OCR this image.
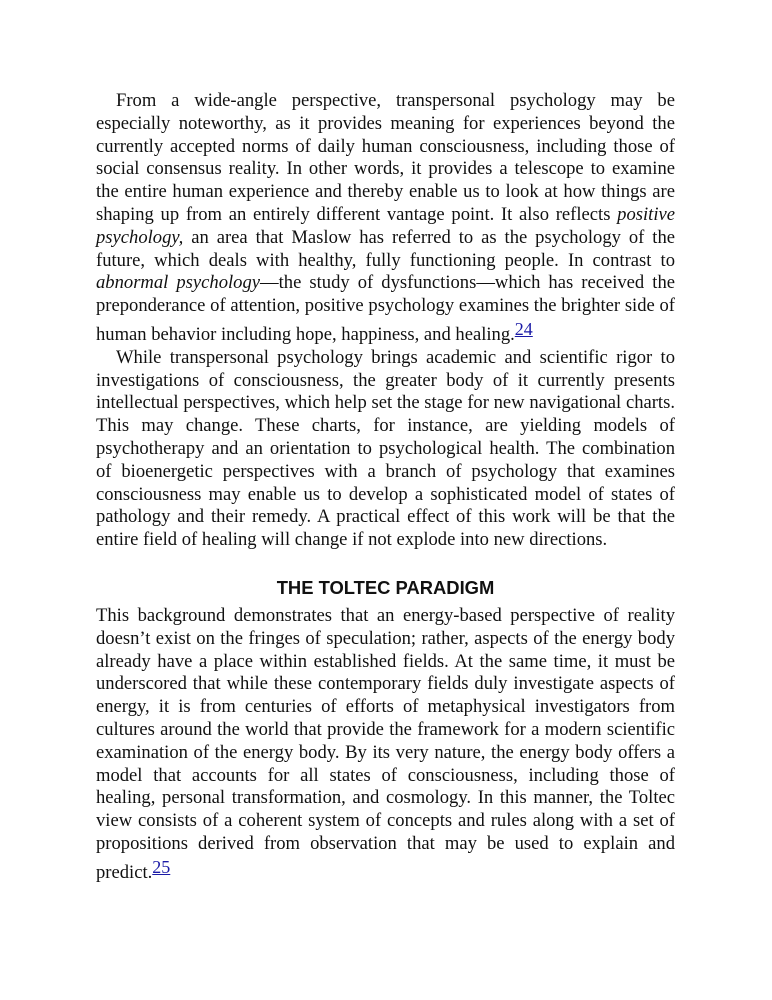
From a wide-angle perspective, transpersonal psychology may be especially noteworthy, as it provides meaning for experiences beyond the currently accepted norms of daily human consciousness, including those of social consensus reality. In other words, it provides a telescope to examine the entire human experience and thereby enable us to look at how things are shaping up from an entirely different vantage point. It also reflects positive psychology, an area that Maslow has referred to as the psychology of the future, which deals with healthy, fully functioning people. In contrast to abnormal psychology—the study of dysfunctions—which has received the preponderance of attention, positive psychology examines the brighter side of human behavior including hope, happiness, and healing.24

While transpersonal psychology brings academic and scientific rigor to investigations of consciousness, the greater body of it currently presents intellectual perspectives, which help set the stage for new navigational charts. This may change. These charts, for instance, are yielding models of psychotherapy and an orientation to psychological health. The combination of bioenergetic perspectives with a branch of psychology that examines consciousness may enable us to develop a sophisticated model of states of pathology and their remedy. A practical effect of this work will be that the entire field of healing will change if not explode into new directions.

THE TOLTEC PARADIGM

This background demonstrates that an energy-based perspective of reality doesn’t exist on the fringes of speculation; rather, aspects of the energy body already have a place within established fields. At the same time, it must be underscored that while these contemporary fields duly investigate aspects of energy, it is from centuries of efforts of metaphysical investigators from cultures around the world that provide the framework for a modern scientific examination of the energy body. By its very nature, the energy body offers a model that accounts for all states of consciousness, including those of healing, personal transformation, and cosmology. In this manner, the Toltec view consists of a coherent system of concepts and rules along with a set of propositions derived from observation that may be used to explain and predict.25
